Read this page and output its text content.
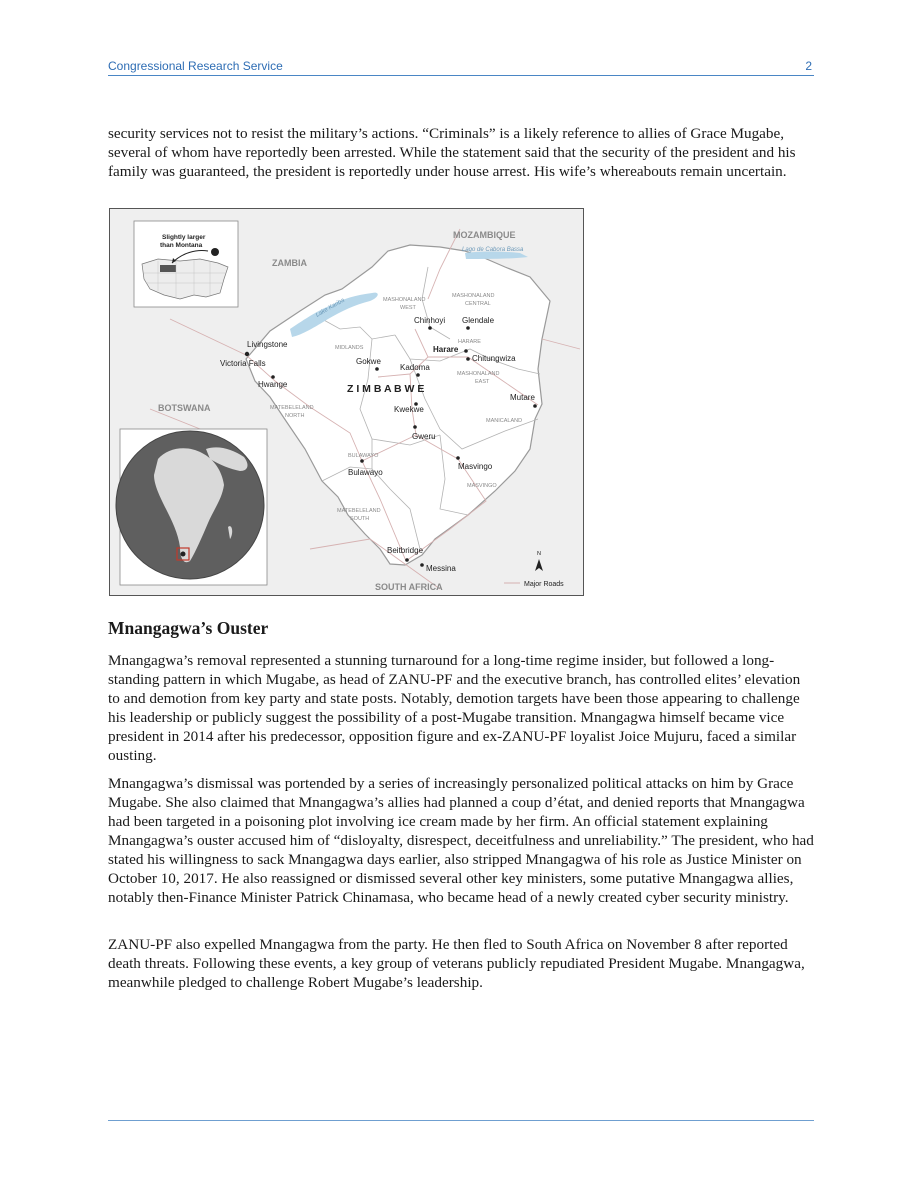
Congressional Research Service	2

security services not to resist the military’s actions. “Criminals” is a likely reference to allies of Grace Mugabe, several of whom have reportedly been arrested. While the statement said that the security of the president and his family was guaranteed, the president is reportedly under house arrest. His wife’s whereabouts remain uncertain.

ZAMBIA
MOZAMBIQUE
BOTSWANA
SOUTH AFRICA
Lago de Cabora Bassa
Lake Kariba	MASHONALAND
WEST
MASHONALAND
CENTRAL
HARARE
MASHONALAND
EAST
MIDLANDS
MATEBELELAND
NORTH
MANICALAND
BULAWAYO
MASVINGO
MATEBELELAND
SOUTH
Z I M B A B W E
Chinhoyi Glendale
Harare
Chitungwiza
Gokwe
Kadoma
Livingstone
Victoria Falls
Hwange
Mutare
Kwekwe
Gweru
Bulawayo
Masvingo
Beitbridge
Messina
Slightly larger
than Montana
N
Major Roads
Mnangagwa’s Ouster

Mnangagwa’s removal represented a stunning turnaround for a long-time regime insider, but followed a long-standing pattern in which Mugabe, as head of ZANU-PF and the executive branch, has controlled elites’ elevation to and demotion from key party and state posts. Notably, demotion targets have been those appearing to challenge his leadership or publicly suggest the possibility of a post-Mugabe transition. Mnangagwa himself became vice president in 2014 after his predecessor, opposition figure and ex-ZANU-PF loyalist Joice Mujuru, faced a similar ousting.

Mnangagwa’s dismissal was portended by a series of increasingly personalized political attacks on him by Grace Mugabe. She also claimed that Mnangagwa’s allies had planned a coup d’état, and denied reports that Mnangagwa had been targeted in a poisoning plot involving ice cream made by her firm. An official statement explaining Mnangagwa’s ouster accused him of “disloyalty, disrespect, deceitfulness and unreliability.” The president, who had stated his willingness to sack Mnangagwa days earlier, also stripped Mnangagwa of his role as Justice Minister on October 10, 2017. He also reassigned or dismissed several other key ministers, some putative Mnangagwa allies, notably then-Finance Minister Patrick Chinamasa, who became head of a newly created cyber security ministry.

ZANU-PF also expelled Mnangagwa from the party. He then fled to South Africa on November 8 after reported death threats. Following these events, a key group of veterans publicly repudiated President Mugabe. Mnangagwa, meanwhile pledged to challenge Robert Mugabe’s leadership.
